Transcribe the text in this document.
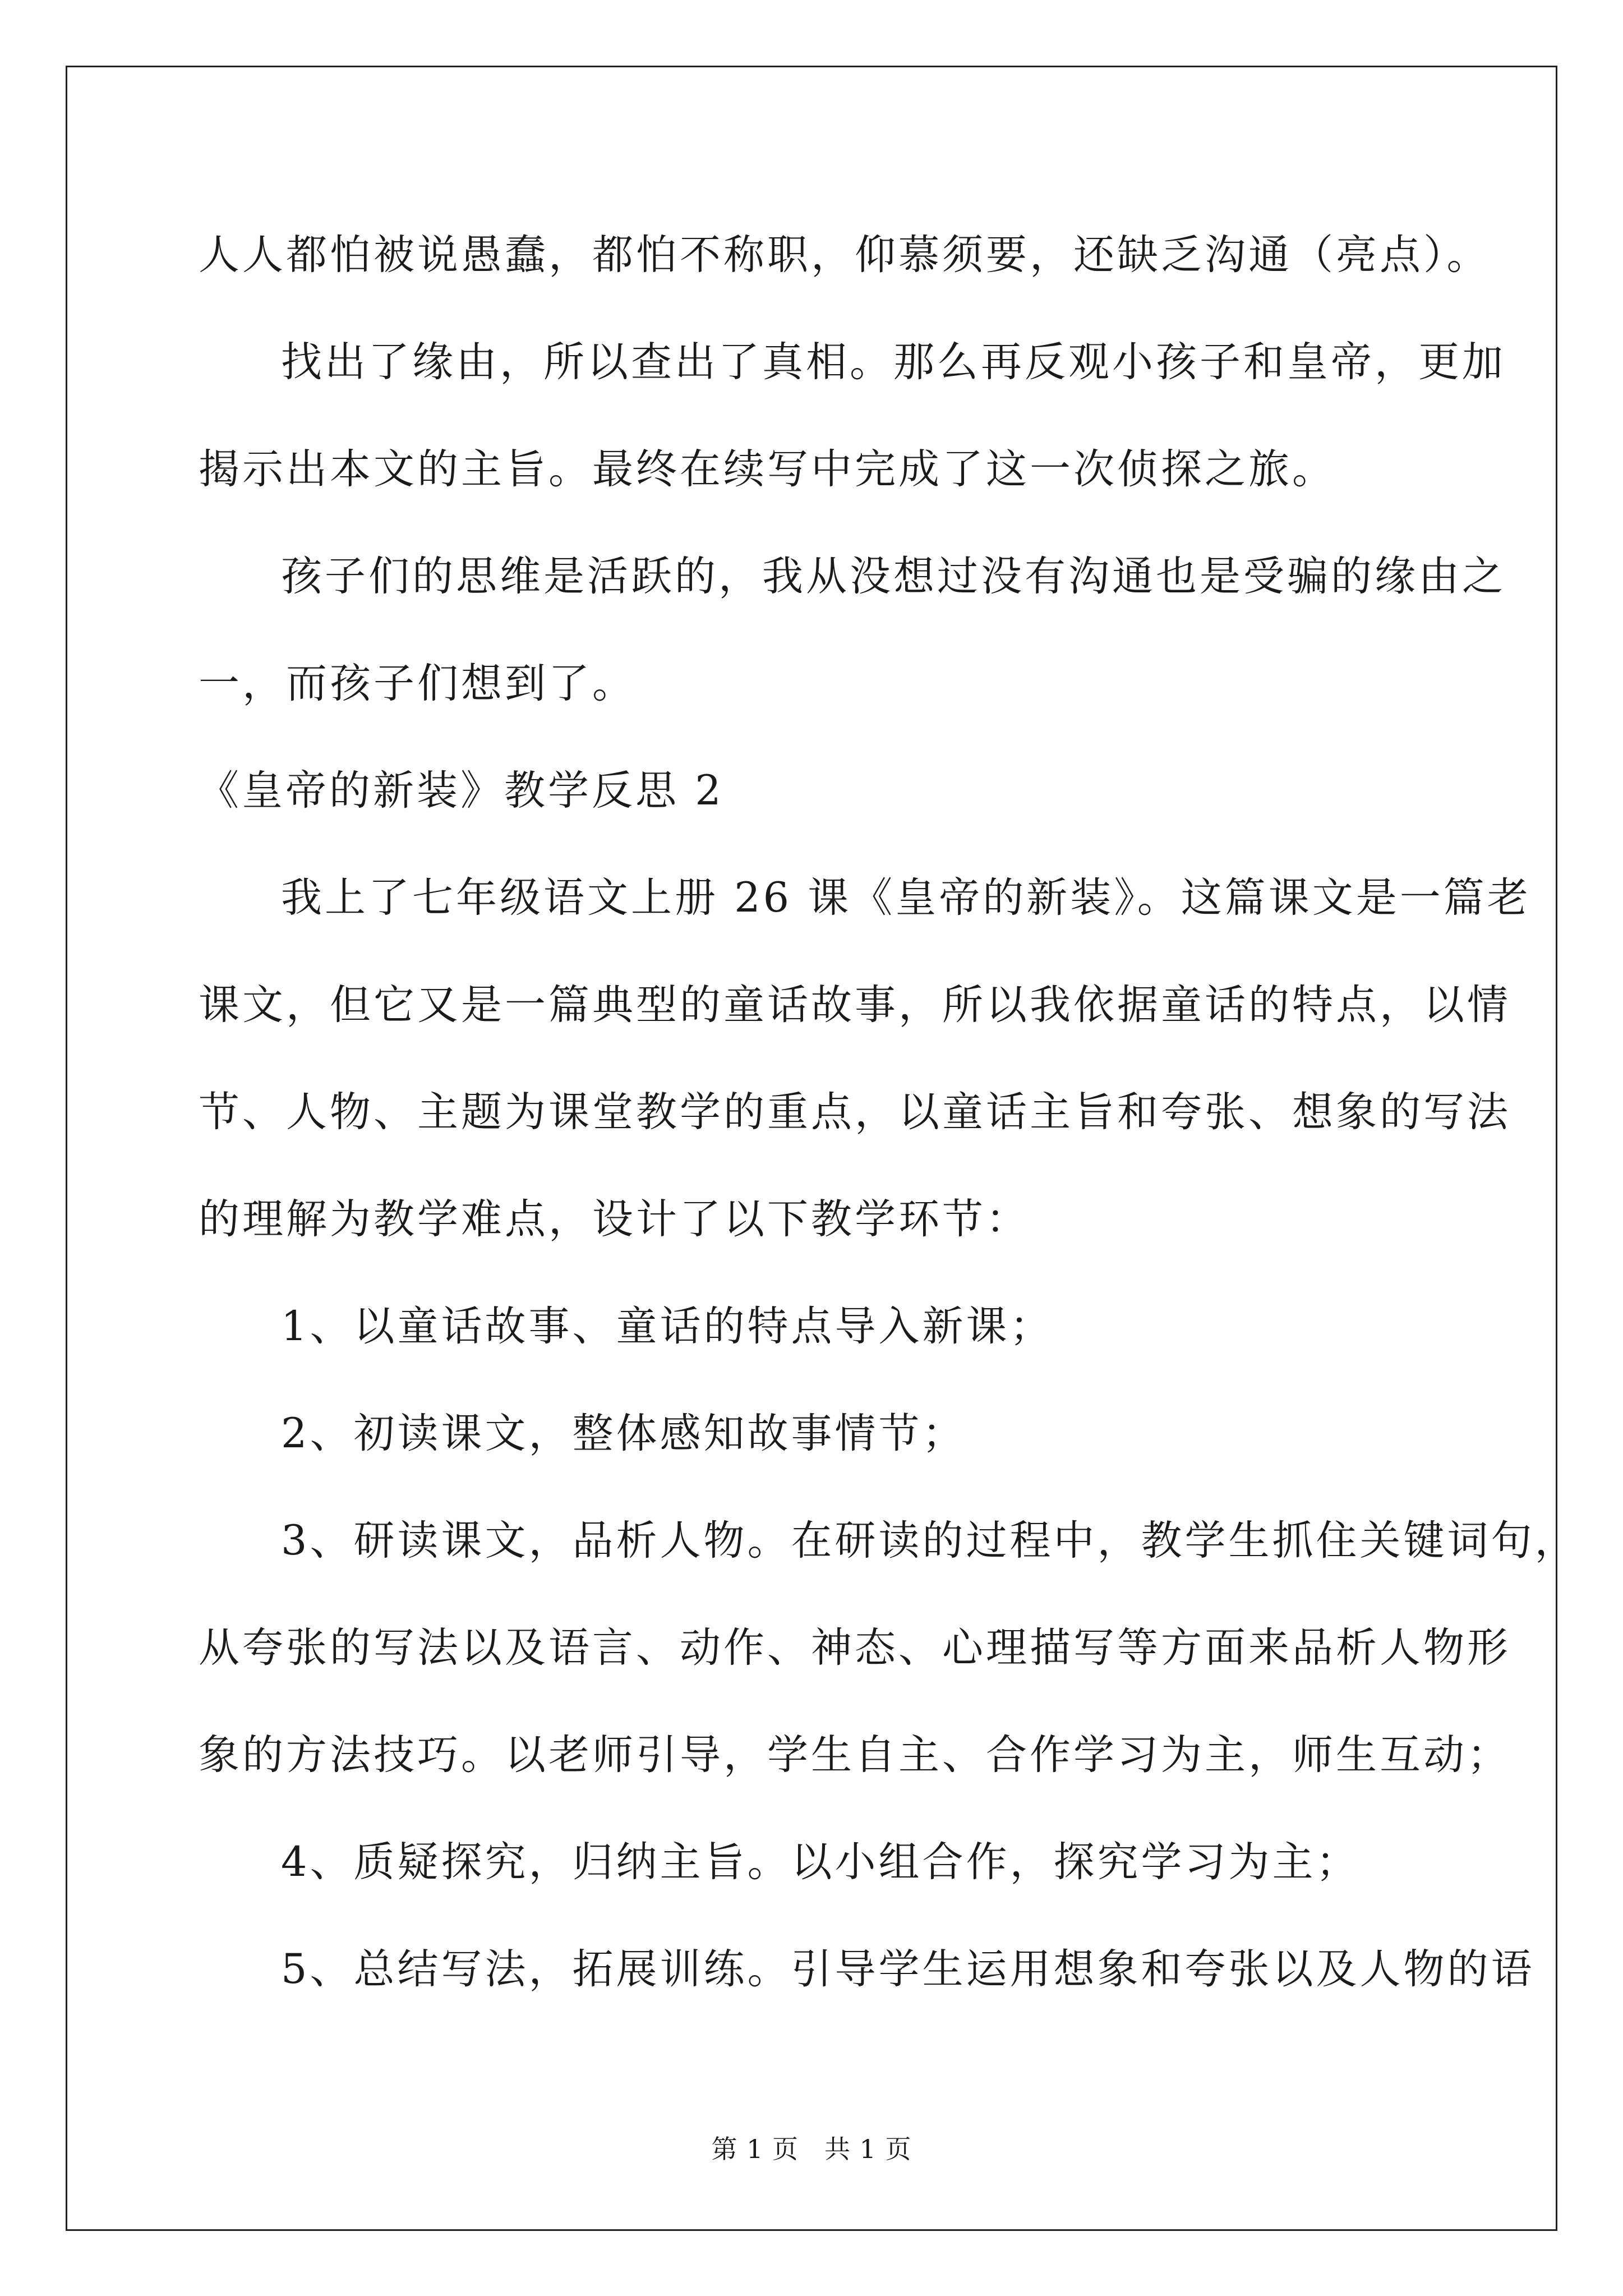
人人都怕被说愚蠢，都怕不称职，仰慕须要，还缺乏沟通（亮点）。
找出了缘由，所以查出了真相。那么再反观小孩子和皇帝，更加
揭示出本文的主旨。最终在续写中完成了这一次侦探之旅。
孩子们的思维是活跃的，我从没想过没有沟通也是受骗的缘由之
一，而孩子们想到了。
《皇帝的新装》教学反思 2
我上了七年级语文上册 26 课《皇帝的新装》。这篇课文是一篇老
课文，但它又是一篇典型的童话故事，所以我依据童话的特点，以情
节、人物、主题为课堂教学的重点，以童话主旨和夸张、想象的写法
的理解为教学难点，设计了以下教学环节：
1、以童话故事、童话的特点导入新课；
2、初读课文，整体感知故事情节；
3、研读课文，品析人物。在研读的过程中，教学生抓住关键词句，
从夸张的写法以及语言、动作、神态、心理描写等方面来品析人物形
象的方法技巧。以老师引导，学生自主、合作学习为主，师生互动；
4、质疑探究，归纳主旨。以小组合作，探究学习为主；
5、总结写法，拓展训练。引导学生运用想象和夸张以及人物的语
第 1 页 共 1 页
